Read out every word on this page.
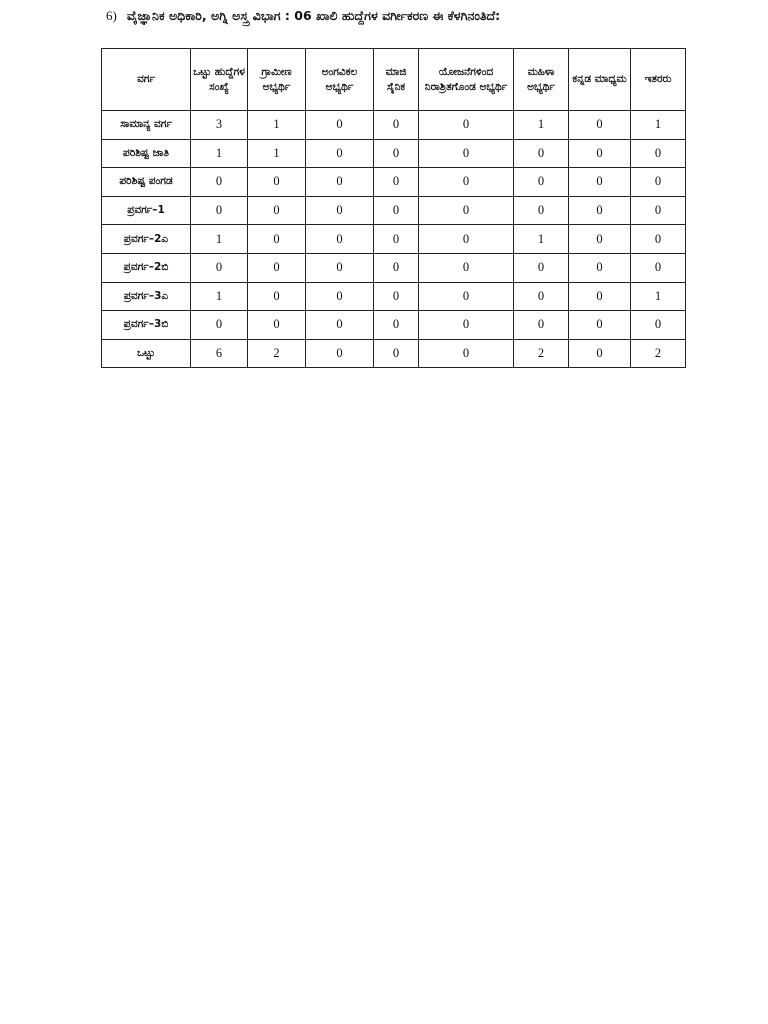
6) ವೈಜ್ಞಾನಿಕ ಅಧಿಕಾರಿ, ಅಗ್ನಿ ಅಸ್ತ್ರ ವಿಭಾಗ : 06 ಖಾಲಿ ಹುದ್ದೆಗಳ ವರ್ಗೀಕರಣ ಈ ಕೆಳಗಿನಂತಿದೆ:
ವರ್ಗ	ಒಟ್ಟು ಹುದ್ದೆಗಳ ಸಂಖ್ಯೆ	ಗ್ರಾಮೀಣ ಅಭ್ಯರ್ಥಿ	ಅಂಗವಿಕಲ ಅಭ್ಯರ್ಥಿ	ಮಾಜಿ ಸೈನಿಕ	ಯೋಜನೆಗಳಿಂದ ನಿರಾಶ್ರಿತಗೊಂಡ ಅಭ್ಯರ್ಥಿ	ಮಹಿಳಾ ಅಭ್ಯರ್ಥಿ	ಕನ್ನಡ ಮಾಧ್ಯಮ	ಇತರರು
ಸಾಮಾನ್ಯ ವರ್ಗ	3	1	0	0	0	1	0	1
ಪರಿಶಿಷ್ಟ ಜಾತಿ	1	1	0	0	0	0	0	0
ಪರಿಶಿಷ್ಟ ಪಂಗಡ	0	0	0	0	0	0	0	0
ಪ್ರವರ್ಗ–1	0	0	0	0	0	0	0	0
ಪ್ರವರ್ಗ–2ಎ	1	0	0	0	0	1	0	0
ಪ್ರವರ್ಗ–2ಬಿ	0	0	0	0	0	0	0	0
ಪ್ರವರ್ಗ–3ಎ	1	0	0	0	0	0	0	1
ಪ್ರವರ್ಗ–3ಬಿ	0	0	0	0	0	0	0	0
ಒಟ್ಟು	6	2	0	0	0	2	0	2
